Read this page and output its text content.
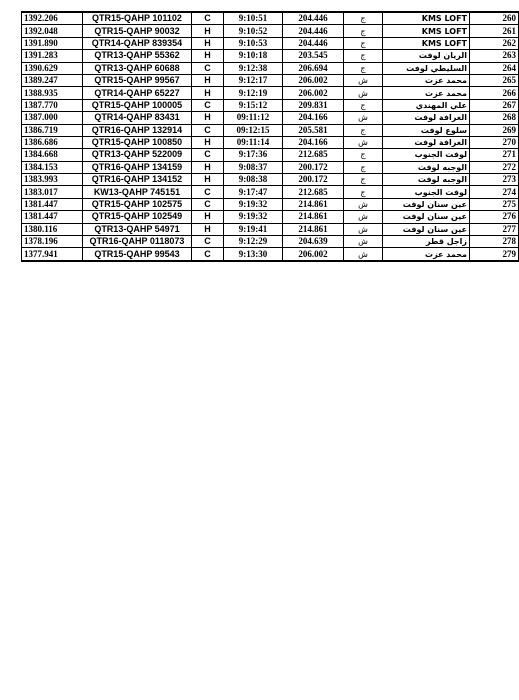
1392.206	QTR15-QAHP 101102	C	9:10:51	204.446	ج	KMS LOFT	260
1392.048	QTR15-QAHP 90032	H	9:10:52	204.446	ج	KMS LOFT	261
1391.890	QTR14-QAHP 839354	H	9:10:53	204.446	ج	KMS LOFT	262
1391.283	QTR13-QAHP 55362	H	9:10:18	203.545	ج	الريان لوفت	263
1390.629	QTR13-QAHP 60688	C	9:12:38	206.694	ج	السليطي لوفت	264
1389.247	QTR15-QAHP 99567	H	9:12:17	206.002	ش	محمد عزت	265
1388.935	QTR14-QAHP 65227	H	9:12:19	206.002	ش	محمد عزت	266
1387.770	QTR15-QAHP 100005	C	9:15:12	209.831	ج	علي المهندي	267
1387.000	QTR14-QAHP 83431	H	09:11:12	204.166	ش	الغرافة لوفت	268
1386.719	QTR16-QAHP 132914	C	09:12:15	205.581	ج	سلوع لوفت	269
1386.686	QTR15-QAHP 100850	H	09:11:14	204.166	ش	الغرافة لوفت	270
1384.668	QTR13-QAHP 522009	C	9:17:36	212.685	ج	لوفت الجنوب	271
1384.153	QTR16-QAHP 134159	H	9:08:37	200.172	ج	الوجبه لوفت	272
1383.993	QTR16-QAHP 134152	H	9:08:38	200.172	ج	الوجبه لوفت	273
1383.017	KW13-QAHP 745151	C	9:17:47	212.685	ج	لوفت الجنوب	274
1381.447	QTR15-QAHP 102575	C	9:19:32	214.861	ش	عين سنان لوفت	275
1381.447	QTR15-QAHP 102549	H	9:19:32	214.861	ش	عين سنان لوفت	276
1380.116	QTR13-QAHP 54971	H	9:19:41	214.861	ش	عين سنان لوفت	277
1378.196	QTR16-QAHP 0118073	C	9:12:29	204.639	ش	زاجل قطر	278
1377.941	QTR15-QAHP 99543	C	9:13:30	206.002	ش	محمد عزت	279
